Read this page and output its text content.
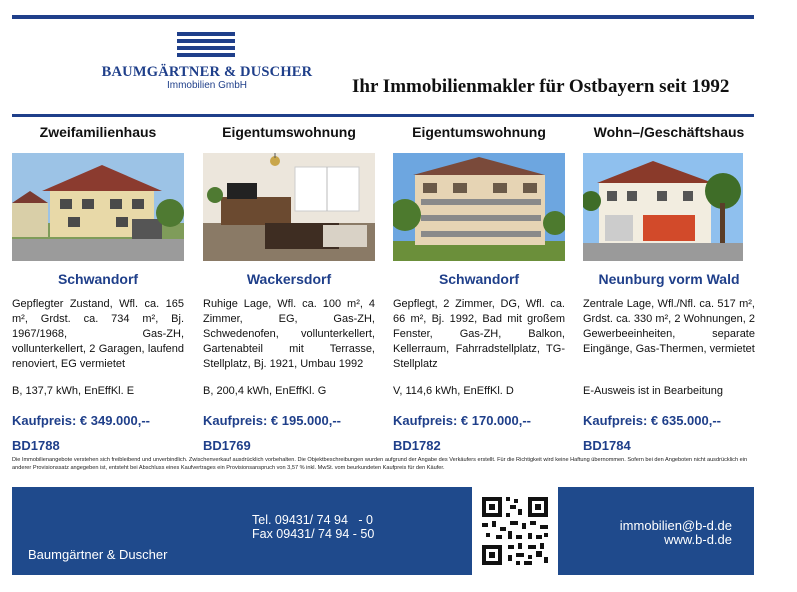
BAUMGÄRTNER & DUSCHER
Immobilien GmbH	Ihr Immobilienmakler für Ostbayern seit 1992
Zweifamilienhaus
Schwandorf
Gepflegter Zustand, Wfl. ca. 165 m², Grdst. ca. 734 m², Bj. 1967/1968, Gas-ZH, vollunterkellert, 2 Garagen, laufend renoviert, EG vermietet
B, 137,7 kWh, EnEffKl. E
Kaufpreis: € 349.000,--
BD1788
Eigentumswohnung
Wackersdorf
Ruhige Lage, Wfl. ca. 100 m², 4 Zimmer, EG, Gas-ZH, Schwedenofen, vollunterkellert, Gartenabteil mit Terrasse, Stellplatz, Bj. 1921, Umbau 1992
B, 200,4 kWh, EnEffKl. G
Kaufpreis: € 195.000,--
BD1769
Eigentumswohnung
Schwandorf
Gepflegt, 2 Zimmer, DG, Wfl. ca. 66 m², Bj. 1992, Bad mit großem Fenster, Gas-ZH, Balkon, Kellerraum, Fahrradstellplatz, TG-Stellplatz
V, 114,6 kWh, EnEffKl. D
Kaufpreis: € 170.000,--
BD1782
Wohn–/Geschäftshaus
Neunburg vorm Wald
Zentrale Lage, Wfl./Nfl. ca. 517 m², Grdst. ca. 330 m², 2 Wohnungen, 2 Gewerbeeinheiten, separate Eingänge, Gas-Thermen, vermietet
E-Ausweis ist in Bearbeitung
Kaufpreis: € 635.000,--
BD1784
Die Immobilienangebote verstehen sich freibleibend und unverbindlich. Zwischenverkauf ausdrücklich vorbehalten. Die Objektbeschreibungen wurden aufgrund der Angabe des Verkäufers erstellt. Für die Richtigkeit wird keine Haftung übernommen. Sofern bei den Angeboten nicht ausdrücklich ein anderer Provisionssatz angegeben ist, entsteht bei Abschluss eines Kaufvertrages ein Provisionsanspruch von 3,57 % inkl. MwSt. vom beurkundeten Kaufpreis für den Käufer.
Baumgärtner & Duscher
Tel. 09431/ 74 94   - 0
Fax 09431/ 74 94 - 50
immobilien@b-d.de
www.b-d.de
